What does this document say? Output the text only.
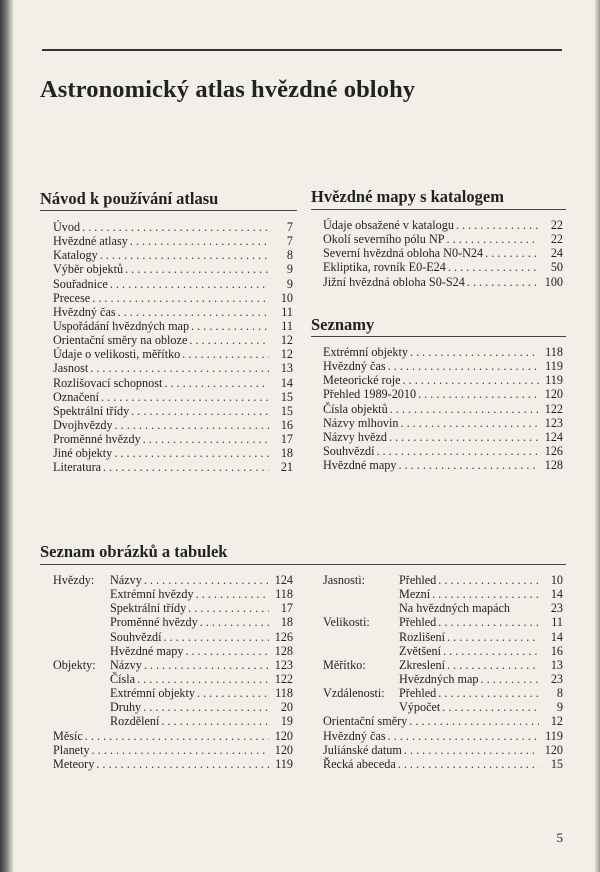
Astronomický atlas hvězdné oblohy
Návod k používání atlasu
Úvod . . .	7
Hvězdné atlasy . . .	7
Katalogy . . .	8
Výběr objektů . . .	9
Souřadnice . . .	9
Precese . . .	10
Hvězdný čas . . .	11
Uspořádání hvězdných map . . .	11
Orientační směry na obloze . . .	12
Údaje o velikosti, měřítko . . .	12
Jasnost . . .	13
Rozlišovací schopnost . . .	14
Označení . . .	15
Spektrální třídy . . .	15
Dvojhvězdy . . .	16
Proměnné hvězdy . . .	17
Jiné objekty . . .	18
Literatura . . .	21
Hvězdné mapy s katalogem
Údaje obsažené v katalogu . . .	22
Okolí severního pólu NP . . .	22
Severní hvězdná obloha N0-N24 . . .	24
Ekliptika, rovník E0-E24 . . .	50
Jižní hvězdná obloha S0-S24 . . .	100
Seznamy
Extrémní objekty . . .	118
Hvězdný čas . . .	119
Meteorické roje . . .	119
Přehled 1989-2010 . . .	120
Čísla objektů . . .	122
Názvy mlhovin . . .	123
Názvy hvězd . . .	124
Souhvězdí . . .	126
Hvězdné mapy . . .	128
Seznam obrázků a tabulek
Hvězdy:	Názvy . . .	124
Extrémní hvězdy . . .	118
Spektrální třídy . . .	17
Proměnné hvězdy . . .	18
Souhvězdí . . .	126
Hvězdné mapy . . .	128
Objekty:	Názvy . . .	123
Čísla . . .	122
Extrémní objekty . . .	118
Druhy . . .	20
Rozdělení . . .	19
Měsíc . . .	120
Planety . . .	120
Meteory . . .	119
Jasnosti:	Přehled . . .	10
Mezní . . .	14
Na hvězdných mapách	23
Velikosti:	Přehled . . .	11
Rozlišení . . .	14
Zvětšení . . .	16
Měřítko:	Zkreslení . . .	13
Hvězdných map . . .	23
Vzdálenosti:	Přehled . . .	8
Výpočet . . .	9
Orientační směry . . .	12
Hvězdný čas . . .	119
Juliánské datum . . .	120
Řecká abeceda . . .	15
5
